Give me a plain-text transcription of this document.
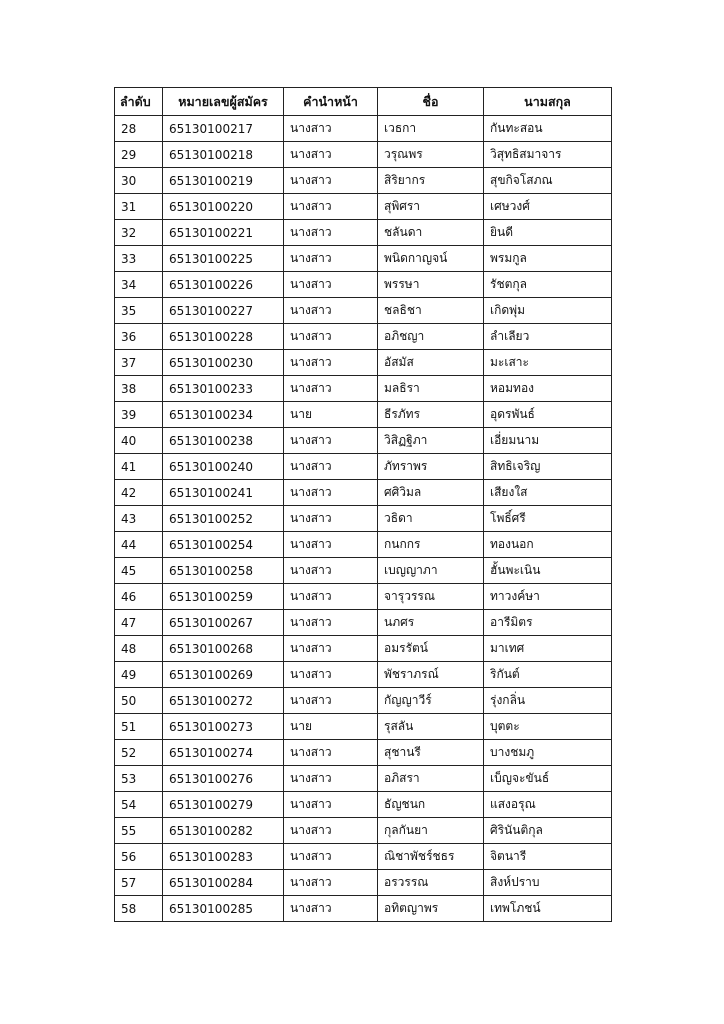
ลำดับ	หมายเลขผู้สมัคร	คำนำหน้า	ชื่อ	นามสกุล
28	65130100217	นางสาว	เวธกา	กันทะสอน
29	65130100218	นางสาว	วรุณพร	วิสุทธิสมาจาร
30	65130100219	นางสาว	สิริยากร	สุขกิจโสภณ
31	65130100220	นางสาว	สุพิศรา	เศษวงศ์
32	65130100221	นางสาว	ชลันดา	ยินดี
33	65130100225	นางสาว	พนิดกาญจน์	พรมกูล
34	65130100226	นางสาว	พรรษา	รัชตกุล
35	65130100227	นางสาว	ชลธิชา	เกิดพุ่ม
36	65130100228	นางสาว	อภิชญา	ลำเลียว
37	65130100230	นางสาว	อัสมัส	มะเสาะ
38	65130100233	นางสาว	มลธิรา	หอมทอง
39	65130100234	นาย	ธีรภัทร	อุดรพันธ์
40	65130100238	นางสาว	วิสิฏฐิภา	เอี่ยมนาม
41	65130100240	นางสาว	ภัทราพร	สิทธิเจริญ
42	65130100241	นางสาว	ศศิวิมล	เสียงใส
43	65130100252	นางสาว	วธิดา	โพธิ์ศรี
44	65130100254	นางสาว	กนกกร	ทองนอก
45	65130100258	นางสาว	เบญญาภา	ฮั้นพะเนิน
46	65130100259	นางสาว	จารุวรรณ	ทาวงค์ษา
47	65130100267	นางสาว	นภศร	อารีมิตร
48	65130100268	นางสาว	อมรรัตน์	มาเทศ
49	65130100269	นางสาว	พัชราภรณ์	ริกันต์
50	65130100272	นางสาว	กัญญาวีร์	รุ่งกลิ่น
51	65130100273	นาย	รุสลัน	บุตตะ
52	65130100274	นางสาว	สุชานรี	บางชมภู
53	65130100276	นางสาว	อภิสรา	เบ็ญจะขันธ์
54	65130100279	นางสาว	ธัญชนก	แสงอรุณ
55	65130100282	นางสาว	กุลกันยา	ศิรินันติกุล
56	65130100283	นางสาว	ณิชาพัชร์ชธร	จิตนารี
57	65130100284	นางสาว	อรวรรณ	สิงห์ปราบ
58	65130100285	นางสาว	อทิตญาพร	เทพโภชน์
